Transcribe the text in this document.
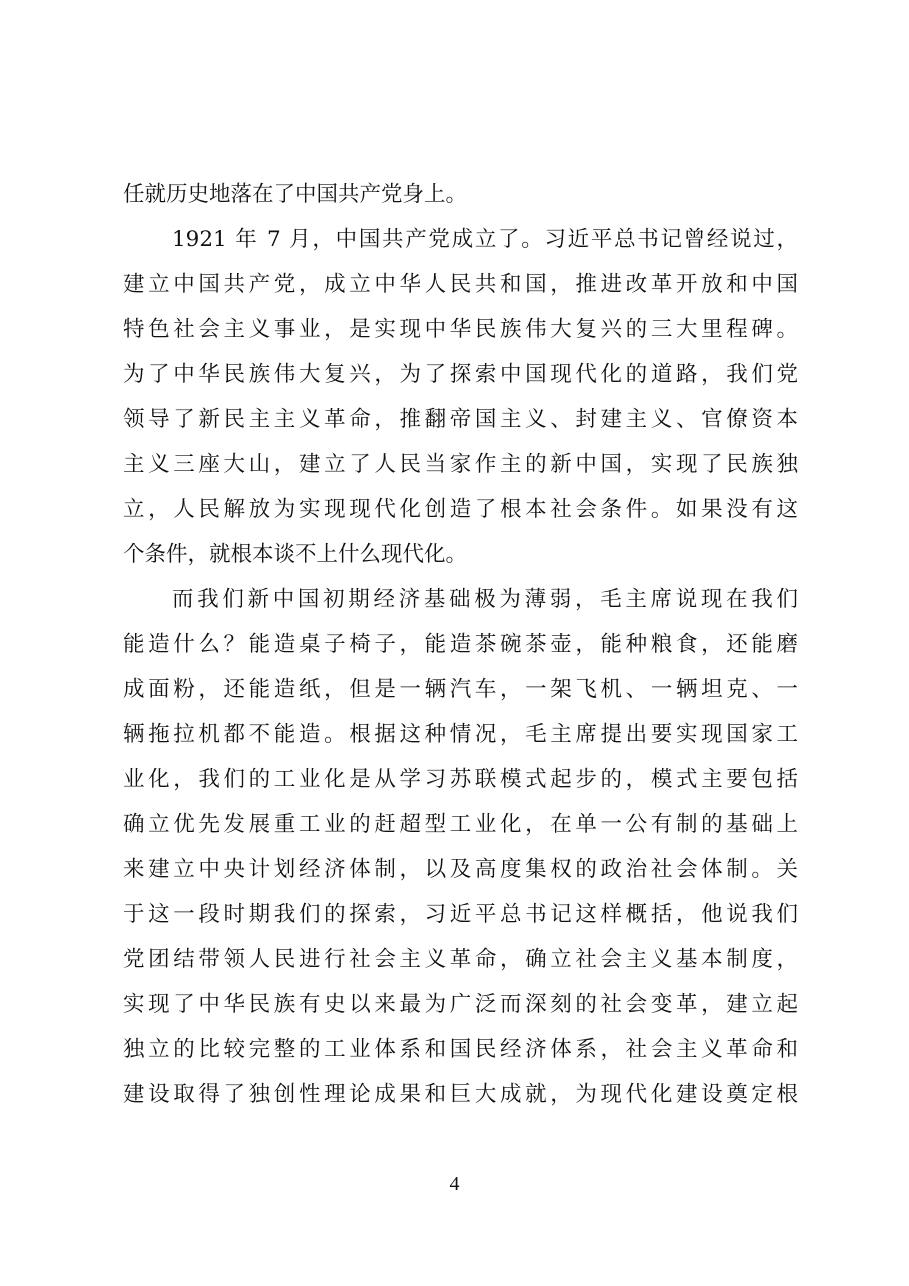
任就历史地落在了中国共产党身上。
1921 年 7 月，中国共产党成立了。习近平总书记曾经说过，
建立中国共产党，成立中华人民共和国，推进改革开放和中国
特色社会主义事业，是实现中华民族伟大复兴的三大里程碑。
为了中华民族伟大复兴，为了探索中国现代化的道路，我们党
领导了新民主主义革命，推翻帝国主义、封建主义、官僚资本
主义三座大山，建立了人民当家作主的新中国，实现了民族独
立，人民解放为实现现代化创造了根本社会条件。如果没有这
个条件，就根本谈不上什么现代化。
而我们新中国初期经济基础极为薄弱，毛主席说现在我们
能造什么？能造桌子椅子，能造茶碗茶壶，能种粮食，还能磨
成面粉，还能造纸，但是一辆汽车，一架飞机、一辆坦克、一
辆拖拉机都不能造。根据这种情况，毛主席提出要实现国家工
业化，我们的工业化是从学习苏联模式起步的，模式主要包括
确立优先发展重工业的赶超型工业化，在单一公有制的基础上
来建立中央计划经济体制，以及高度集权的政治社会体制。关
于这一段时期我们的探索，习近平总书记这样概括，他说我们
党团结带领人民进行社会主义革命，确立社会主义基本制度，
实现了中华民族有史以来最为广泛而深刻的社会变革，建立起
独立的比较完整的工业体系和国民经济体系，社会主义革命和
建设取得了独创性理论成果和巨大成就，为现代化建设奠定根
4
